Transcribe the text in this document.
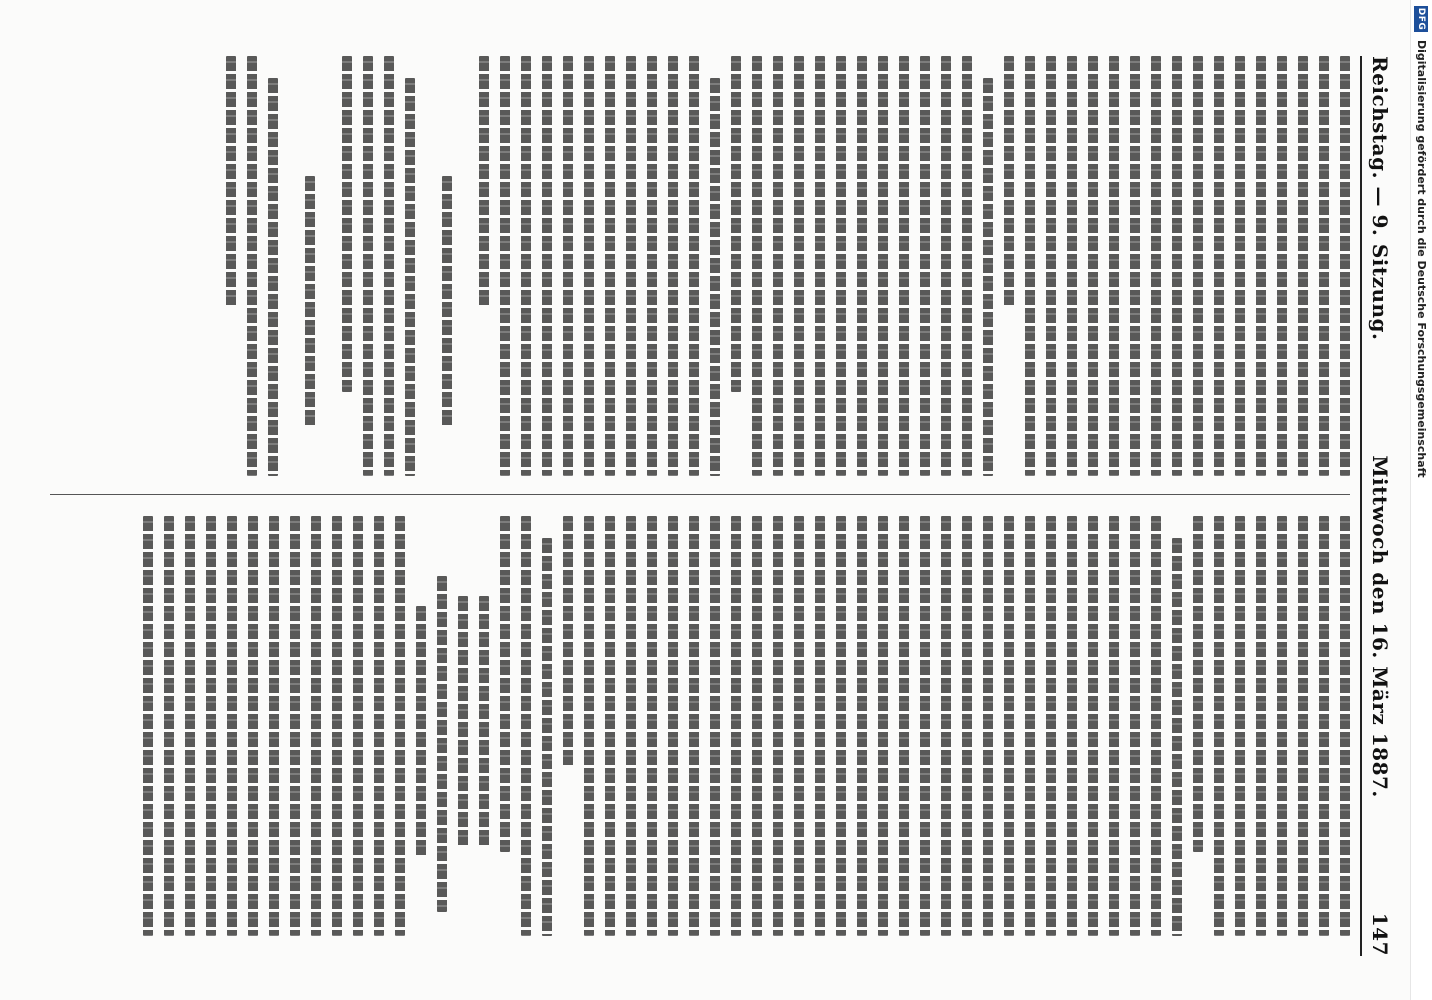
DFG
Digitalisierung gefördert durch die Deutsche Forschungsgemeinschaft
Reichstag. — 9. Sitzung.
Mittwoch den 16. März 1887.
147
